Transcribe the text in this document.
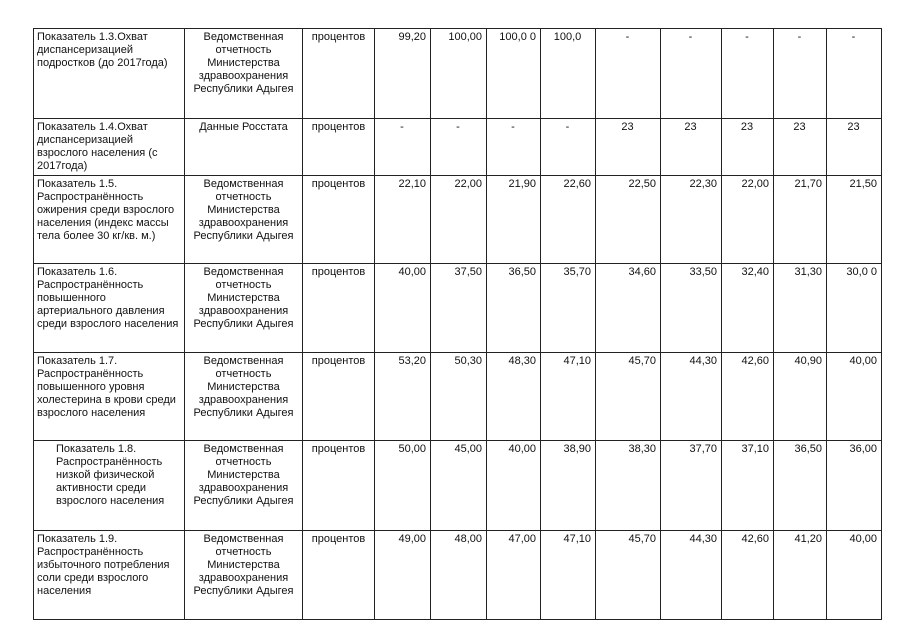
Показатель 1.3.Охват диспансеризацией подростков (до 2017года)	Ведомственная отчетность Министерства здравоохранения Республики Адыгея	процентов	99,20	100,00	100,0 0	100,0	-	-	-	-	-
Показатель 1.4.Охват диспансеризацией взрослого населения (с 2017года)	Данные Росстата	процентов	-	-	-	-	23	23	23	23	23
Показатель 1.5. Распространённость ожирения среди взрослого населения (индекс массы тела более 30 кг/кв. м.)	Ведомственная отчетность Министерства здравоохранения Республики Адыгея	процентов	22,10	22,00	21,90	22,60	22,50	22,30	22,00	21,70	21,50
Показатель 1.6. Распространённость повышенного артериального давления среди взрослого населения	Ведомственная отчетность Министерства здравоохранения Республики Адыгея	процентов	40,00	37,50	36,50	35,70	34,60	33,50	32,40	31,30	30,0 0
Показатель 1.7. Распространённость повышенного уровня холестерина в крови среди взрослого населения	Ведомственная отчетность Министерства здравоохранения Республики Адыгея	процентов	53,20	50,30	48,30	47,10	45,70	44,30	42,60	40,90	40,00
Показатель 1.8. Распространённость низкой физической активности среди взрослого населения	Ведомственная отчетность Министерства здравоохранения Республики Адыгея	процентов	50,00	45,00	40,00	38,90	38,30	37,70	37,10	36,50	36,00
Показатель 1.9. Распространённость избыточного потребления соли среди взрослого населения	Ведомственная отчетность Министерства здравоохранения Республики Адыгея	процентов	49,00	48,00	47,00	47,10	45,70	44,30	42,60	41,20	40,00
